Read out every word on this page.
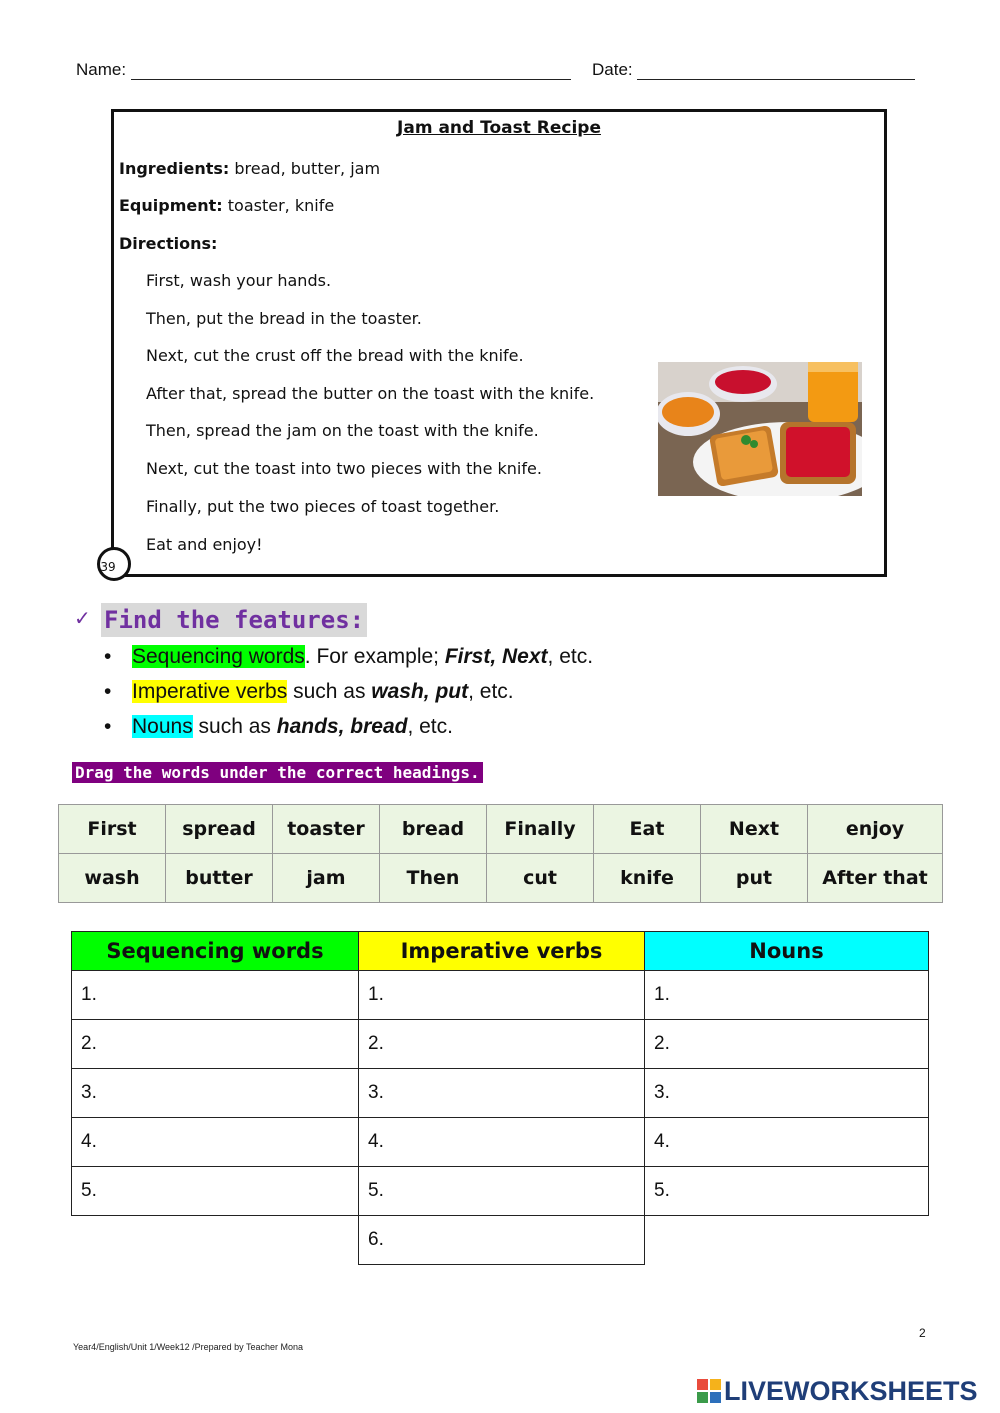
Name:	Date:
Jam and Toast Recipe
Ingredients: bread, butter, jam
Equipment: toaster, knife
Directions:
First, wash your hands.
Then, put the bread in the toaster.
Next, cut the crust off the bread with the knife.
After that, spread the butter on the toast with the knife.
Then, spread the jam on the toast with the knife.
Next, cut the toast into two pieces with the knife.
Finally, put the two pieces of toast together.
Eat and enjoy!
39
✓ Find the features:
• Sequencing words. For example; First, Next, etc.
• Imperative verbs such as wash, put, etc.
• Nouns such as hands, bread, etc.
Drag the words under the correct headings.
First	spread	toaster	bread	Finally	Eat	Next	enjoy
wash	butter	jam	Then	cut	knife	put	After that
Sequencing words	Imperative verbs	Nouns
1.	1.	1.
2.	2.	2.
3.	3.	3.
4.	4.	4.
5.	5.	5.
	6.	
2
Year4/English/Unit 1/Week12 /Prepared by Teacher Mona
LIVEWORKSHEETS
